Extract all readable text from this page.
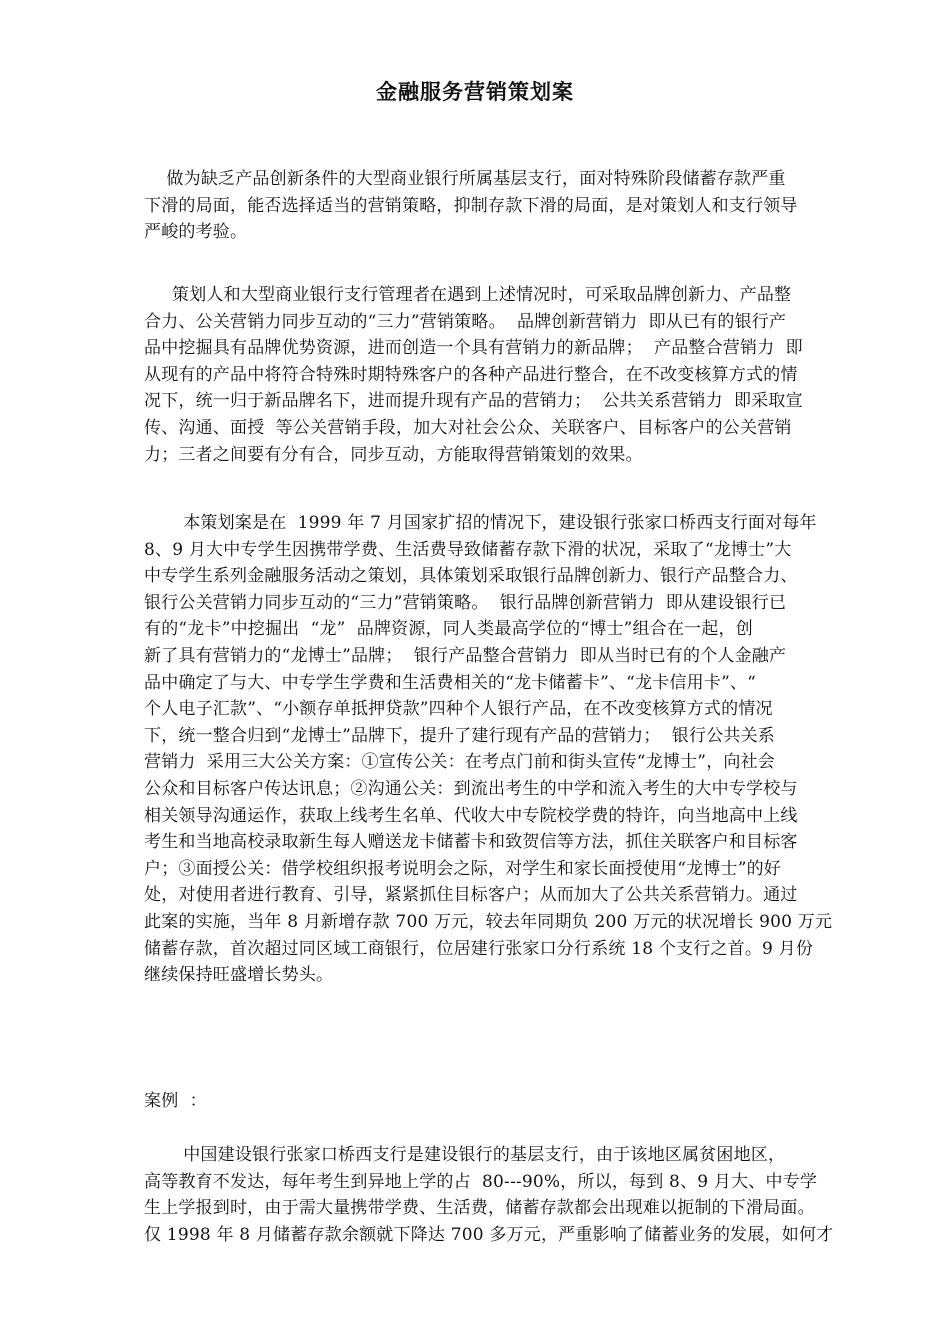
金融服务营销策划案
做为缺乏产品创新条件的大型商业银行所属基层支行，面对特殊阶段储蓄存款严重
下滑的局面，能否选择适当的营销策略，抑制存款下滑的局面，是对策划人和支行领导
严峻的考验。
策划人和大型商业银行支行管理者在遇到上述情况时，可采取品牌创新力、产品整
合力、公关营销力同步互动的“三力”营销策略。  品牌创新营销力  即从已有的银行产
品中挖掘具有品牌优势资源，进而创造一个具有营销力的新品牌；  产品整合营销力  即
从现有的产品中将符合特殊时期特殊客户的各种产品进行整合，在不改变核算方式的情
况下，统一归于新品牌名下，进而提升现有产品的营销力；  公共关系营销力  即采取宣
传、沟通、面授  等公关营销手段，加大对社会公众、关联客户、目标客户的公关营销
力；三者之间要有分有合，同步互动，方能取得营销策划的效果。
本策划案是在  1999 年 7 月国家扩招的情况下，建设银行张家口桥西支行面对每年
8、9 月大中专学生因携带学费、生活费导致储蓄存款下滑的状况，采取了“龙博士”大
中专学生系列金融服务活动之策划，具体策划采取银行品牌创新力、银行产品整合力、
银行公关营销力同步互动的“三力”营销策略。  银行品牌创新营销力  即从建设银行已
有的“龙卡”中挖掘出  “龙”  品牌资源，同人类最高学位的“博士”组合在一起，创
新了具有营销力的“龙博士”品牌；  银行产品整合营销力  即从当时已有的个人金融产
品中确定了与大、中专学生学费和生活费相关的“龙卡储蓄卡”、“龙卡信用卡”、“
个人电子汇款”、“小额存单抵押贷款”四种个人银行产品，在不改变核算方式的情况
下，统一整合归到“龙博士”品牌下，提升了建行现有产品的营销力；  银行公共关系
营销力  采用三大公关方案：①宣传公关：在考点门前和街头宣传“龙博士”，向社会
公众和目标客户传达讯息；②沟通公关：到流出考生的中学和流入考生的大中专学校与
相关领导沟通运作，获取上线考生名单、代收大中专院校学费的特许，向当地高中上线
考生和当地高校录取新生每人赠送龙卡储蓄卡和致贺信等方法，抓住关联客户和目标客
户；③面授公关：借学校组织报考说明会之际，对学生和家长面授使用“龙博士”的好
处，对使用者进行教育、引导，紧紧抓住目标客户；从而加大了公共关系营销力。通过
此案的实施，当年 8 月新增存款 700 万元，较去年同期负 200 万元的状况增长 900 万元
储蓄存款，首次超过同区域工商银行，位居建行张家口分行系统 18 个支行之首。9 月份
继续保持旺盛增长势头。
案例  ：
中国建设银行张家口桥西支行是建设银行的基层支行，由于该地区属贫困地区，
高等教育不发达，每年考生到异地上学的占  80---90%，所以，每到 8、9 月大、中专学
生上学报到时，由于需大量携带学费、生活费，储蓄存款都会出现难以扼制的下滑局面。
仅 1998 年 8 月储蓄存款余额就下降达 700 多万元，严重影响了储蓄业务的发展，如何才
